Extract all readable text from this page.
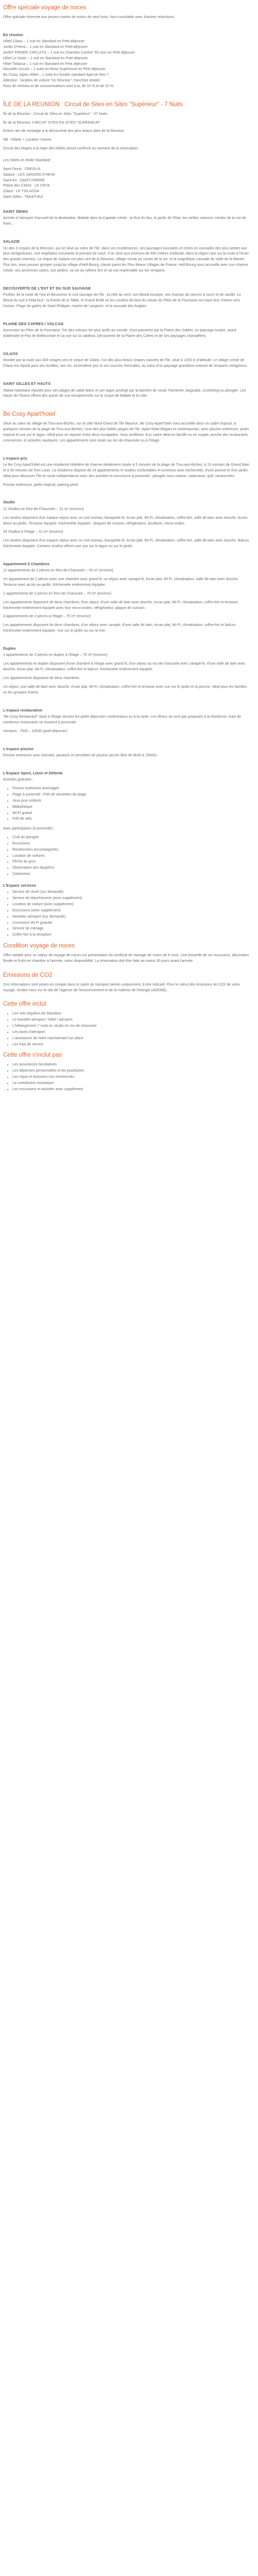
Offre spéciale voyage de noces

Offre spéciale réservée aux jeunes mariés de moins de neuf mois. Non cumulable avec d'autres réductions.

En réunion
Hôtel Cilaos – 1 nuit en Standard en Petit-déjeuner
Jardin D'Heva – 1 nuit en Standard en Petit-déjeuner
SAINT PIERRE CIRCUITS – 1 nuit en Chambre Confort "En tour en Petit déjeuner
Hôtel Le Dodo – 1 nuit en Standard en Petit déjeuner
Hôtel Tsilaosa – 1 nuit en Standard en Petit déjeuner
Nouvelle circuits – 1 suite en Rose Supérieure en Petit déjeuner
Bo Crazy Jupes Hôtel – 1 suite en Double standard Apercie Ros ?
Attention : location de voiture "en Réunion", franchise limitée

Pass de remises et de consommations sont à la, de 10 % et de 15 %.

ÎLE DE LA REUNION : Circuit de Sites en Sites "Supérieur" - 7 Nuits

Île de la Réunion : Circuit de Sites en Sites "Supérieur" - 07 Nuits

Île de la Réunion: CIRCUIT SITES EN SITES "SUPÉRIEUR"

Entrez rien de nostalgie à la découverte des plus beaux sites de la Réunion.

NB : Hôtels + Location Voiture

Circuit des étapes à la main des hôtels seront confirmé au moment de la réservation.

Les hôtels en étoile Standard :

Saint Denis : CREOLIA
Salazie : LES JARDINS D'HEVA
Saint-Ex : SAINT PIERRE
Plaine des Cafres : LE CRYA
Cilaos : LE TSILAOSA
Saint Gilles : TAKATUKA
SAINT DENIS

Arrivée à l'aéroport d'accueil de la destination. Balade dans la Capitale créole : la Rue du lieu, le jardin de l'Etat, les vieilles maisons créoles de la rue de Paris...

SALAZIE

Un des 3 cirques de la Réunion, qui se situe au cœur de l'île, dans ses exubérances, ses paysages luxuriants et riches en cascades des plus petites aux plus vertigineuses, une végétation luxuriante et prenant de court. Il se situe aux environs de 600 mètres d'altitude, dans la région rare sur la route à l'écart des grands chemins. Le cirque de Salazie est plus vert de la Réunion, village créole au centre de la vie, et la magnifique cascade du Voile de la Mariée. Plus loin, vous pouvez grimper jusqu'au village d'Hell-Bourg, classé parmi les Plus Beaux Villages de France. Hell-Bourg vous accueille avec son charme créole, ses anciennes cases, ses jardins, sa vie au rythme lent et sa vue imprenable sur les remparts.

DECOUVERTE DE L'EST ET DU SUD SAUVAGE

Profitez de la route de l'est et découvrez le sud sauvage de l'île : la côte au vent, son littoral escarpé, ses champs de cannes à sucre et de vanille. Le littoral du sud à l'état brut : la Pointe de la Table, le Grand Brûlé où les coulées de lave du volcan du Piton de la Fournaise ont tracé leur chemin vers l'océan. Plage de galets de Saint-Philippe, marine de Langevin, et la cascade des Anglais.

PLAINE DES CAFRES / VOLCAN

Ascension au Piton de la Fournaise, l'un des volcans les plus actifs au monde. Vous passerez par la Plaine des Sables, un paysage lunaire, avant d'atteindre le Pas de Bellecombe et sa vue sur la caldeira. Découverte de la Plaine des Cafres et de ses paysages champêtres.

CILAOS

Montée par la route aux 400 virages vers le cirque de Cilaos, l'un des plus beaux cirques naturels de l'île, situé à 1200 m d'altitude. Le village créole de Cilaos est réputé pour ses lentilles, son vin, sa broderie jour et ses sources thermales, au cœur d'un paysage grandiose entouré de remparts vertigineux.

SAINT GILLES ET HAUTS

Station balnéaire réputée pour ses plages de sable blanc et son lagon protégé par la barrière de corail. Farniente, baignade, snorkeling ou plongée. Les Hauts de l'Ouest offrent des points de vue exceptionnels sur le cirque de Mafate et la côte.

Be Cosy Apart'hotel

Situé au cœur du village de Trou-aux-Biches, sur la côte Nord-Ouest de l'île Maurice, Be Cosy Apart'hotel vous accueille dans un cadre tropical, à quelques minutes de la plage de Trou-aux-Biches, l'une des plus belles plages de l'île. Apart-hôtel élégant et contemporain, avec piscine extérieure, jardin tropical et vue sur le lagon. Idéal pour se reposer entre deux escapades. Vous profiterez d'un cadre idéal en famille ou en couple, proche des restaurants, commerces, et activités nautiques. Les appartements sont situés au rez-de-chaussée ou à l'étage.

L'espace prix

Le Be Cosy Apart'hôtel est une résidence hôtelière de charme idéalement située à 5 minutes de la plage de Trou-aux-Biches, à 15 minutes de Grand Baie et à 30 minutes de Port Louis. La résidence dispose de 24 appartements et studios confortables et lumineux avec kitchenette, d'une piscine et d'un jardin. Idéal pour découvrir l'île en toute indépendance avec des activités et excursions à proximité : plongée sous-marine, catamaran, golf, randonnées.

Piscine extérieure, jardin tropical, parking privé.

Studio

12 Studios en Rez-de-Chaussée – 31 m² (environ)

Les studios disposent d'un espace séjour avec un coin bureau, banquette-lit, écran plat, Wi-Fi, climatisation, coffre-fort, salle de bain avec douche. Accès direct au jardin. Terrasse équipée. Kitchenette équipée : plaques de cuisson, réfrigérateur, bouilloire, micro-ondes.

24 Studios à l'étage – 31 m² (environ)

Les studios disposent d'un espace séjour avec un coin bureau, banquette-lit, écran plat, Wi-Fi, climatisation, coffre-fort, salle de bain avec douche. Balcon. Kitchenette équipée. Certains studios offrent une vue sur le lagon ou sur le jardin.

Appartement 2 Chambres

12 appartements de 2 pièces en Rez-de-Chaussée – 55 m² (environ)

Un appartement de 2 pièces avec une chambre avec grand lit, un séjour avec canapé-lit, écran plat, Wi-Fi, climatisation, salle de bain avec douche. Terrasse avec accès au jardin. Kitchenette entièrement équipée.

2 appartements de 2 pièces en Rez-de-Chaussée – 70 m² (environ)

Les appartements disposent de deux chambres, d'un séjour, d'une salle de bain avec douche, écran plat, Wi-Fi, climatisation, coffre-fort et terrasse. Kitchenette entièrement équipée avec four micro-ondes, réfrigérateur, plaque de cuisson.

4 appartements de 2 pièces à l'étage – 75 m² (environ)

Les appartements disposent de deux chambres, d'un séjour avec canapé, d'une salle de bain, écran plat, Wi-Fi, climatisation, coffre-fort et balcon. Kitchenette entièrement équipée. Vue sur le jardin ou sur la mer.

Duplex

2 appartements de 2 pièces en duplex à l'étage – 75 m² (environ)

Les appartements en duplex disposent d'une chambre à l'étage avec grand lit, d'un séjour au rez-de-chaussée avec canapé-lit, d'une salle de bain avec douche, écran plat, Wi-Fi, climatisation, coffre-fort et balcon. Kitchenette entièrement équipée.

Les appartements disposent de deux chambres

Un séjour, une salle de bain avec douche, écran plat, Wi-Fi, climatisation, coffre-fort et terrasse avec vue sur le jardin et la piscine. Idéal pour les familles ou les groupes d'amis.

L'espace restauration

"Be Cosy Restaurant" situé à l'étage servant les petits déjeuners continentaux ou à la carte. Les dîners ne sont pas proposés à la résidence, mais de nombreux restaurants se trouvent à proximité.

Horaires : 7h00 – 10h30 (petit-déjeuner)

L'espace piscine

Piscine extérieure avec transats, parasols et serviettes de piscine (accès libre de 8h00 à 19h00).

L'Espace Sport, Loisir et Détente

Activités gratuites :

• Piscine extérieure aménagée
• Plage à proximité : Prêt de serviettes de plage
• Jeux pour enfants
• Bibliothèque
• Wi-Fi gratuit
• Prêt de vélo

Avec participation (à proximité) :

• Club de plongée
• Excursions
• Randonnées accompagnées
• Location de voitures
• Pêche au gros
• Observation des dauphins
• Catamaran
L'Espace services
• Service de réveil (sur demande)
• Service de blanchisserie (avec supplément)
• Location de voiture (avec supplément)
• Excursions (avec supplément)
• Navettes aéroport (sur demande)
• Connexion Wi-Fi gratuite
• Service de ménage
• Coffre-fort à la réception
Condition voyage de noces

Offre valable pour un séjour de voyage de noces sur présentation du certificat de mariage de moins de 6 mois. Une bouteille de vin mousseux, décoration florale et fruits en chambre à l'arrivée, selon disponibilité. La réservation doit être faite au moins 30 jours avant l'arrivée.

Émissions de CO2

Ces informations sont prises en compte dans le cadre du transport aérien uniquement, à titre indicatif. Pour le calcul des émissions de CO2 de votre voyage, rendez-vous sur le site de l'agence de l'environnement et de la maîtrise de l'énergie (ADEME).

Cette offre inclut
• Les vols réguliers Air Mauritius
• Le transfert aéroport / hôtel / aéroport
• L'hébergement 7 nuits en studio en rez-de-chaussée
• Les taxes d'aéroport
• L'assistance de notre représentant sur place
• Les frais de service
Cette offre n'inclut pas
• Les assurances facultatives
• Les dépenses personnelles et les pourboires
• Les repas et boissons non mentionnés
• La contribution touristique
• Les excursions et activités avec supplément
